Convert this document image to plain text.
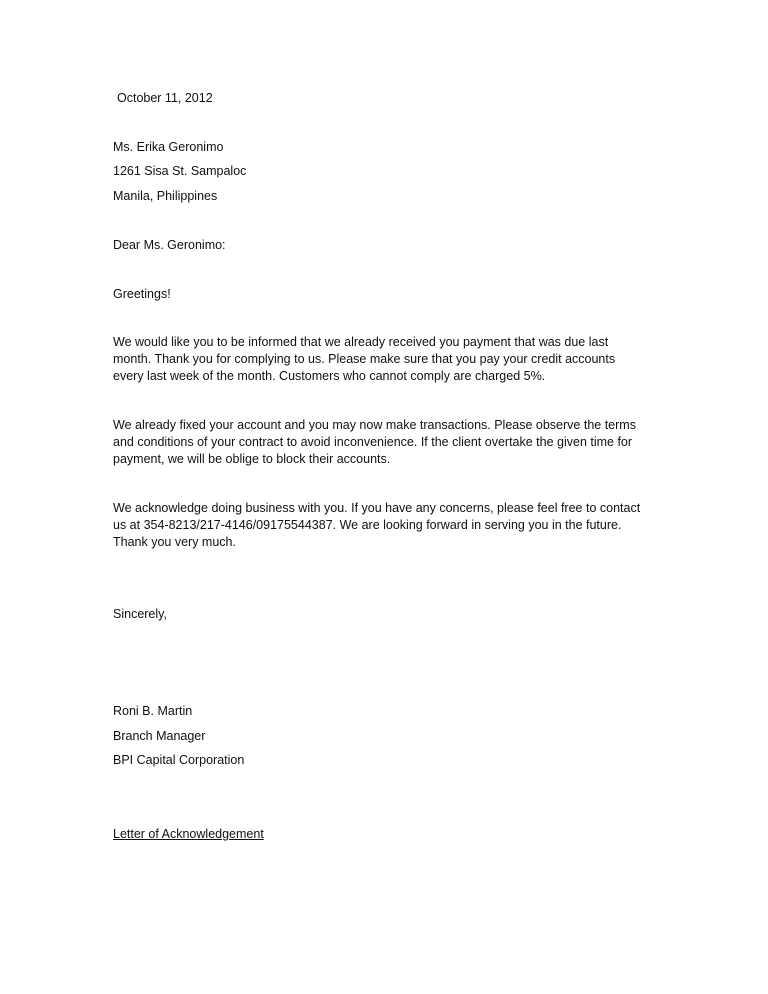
October 11, 2012
Ms. Erika Geronimo
1261 Sisa St. Sampaloc
Manila, Philippines
Dear Ms. Geronimo:
Greetings!
We would like you to be informed that we already received you payment that was due last
month. Thank you for complying to us. Please make sure that you pay your credit accounts
every last week of the month. Customers who cannot comply are charged 5%.
We already fixed your account and you may now make transactions. Please observe the terms
and conditions of your contract to avoid inconvenience. If the client overtake the given time for
payment, we will be oblige to block their accounts.
We acknowledge doing business with you. If you have any concerns, please feel free to contact
us at 354-8213/217-4146/09175544387. We are looking forward in serving you in the future.
Thank you very much.
Sincerely,
Roni B. Martin
Branch Manager
BPI Capital Corporation
Letter of Acknowledgement
